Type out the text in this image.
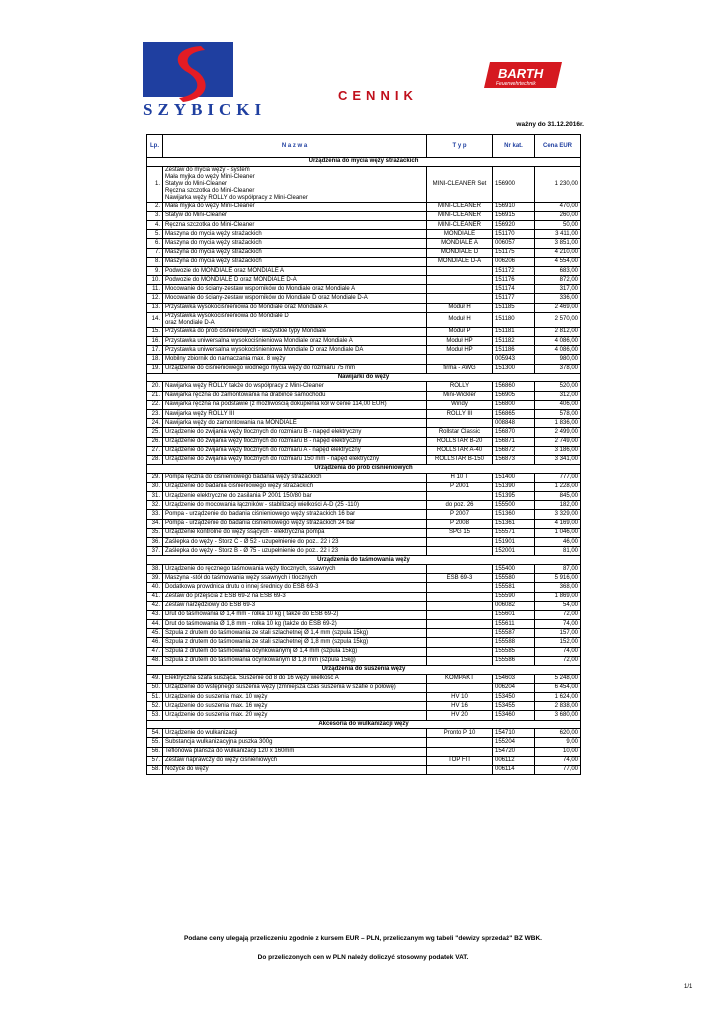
SZYBICKI
BARTH
Feuerwehrtechnik
CENNIK
ważny do 31.12.2016r.
Lp.	N a z w a	T y p	Nr kat.	Cena EUR
Urządzenia do mycia węży strażackich				
1.	Zestaw do mycia węży - system
Mała myjka do węży Mini-Cleaner
Statyw do Mini-Cleaner
Ręczna szczotka do Mini-Cleaner
Nawijarka węży ROLLY do współpracy z Mini-Cleaner	MINI-CLEANER Set	156900	1 230,00
2.	Mała myjka do węży Mini-Cleaner	MINI-CLEANER	156910	470,00
3.	Statyw do Mini-Cleaner	MINI-CLEANER	156915	260,00
4.	Ręczna szczotka do Mini-Cleaner	MINI-CLEANER	156920	50,00
5.	Maszyna do mycia węży strażackich	MONDIALE	151170	3 411,00
6.	Maszyna do mycia węży strażackich	MONDIALE A	006057	3 851,00
7.	Maszyna do mycia węży strażackich	MONDIALE D	151175	4 210,00
8.	Maszyna do mycia węży strażackich	MONDIALE D-A	006206	4 554,00
9.	Podwozie do MONDIALE oraz MONDIALE A		151172	683,00
10.	Podwozie do MONDIALE D oraz MONDIALE D-A		151176	872,00
11.	Mocowanie do ściany-zestaw wsporników do Mondiale oraz Mondiale A		151174	317,00
12.	Mocowanie do ściany-zestaw wsporników do Mondiale D oraz Mondiale D-A		151177	336,00
13.	Przystawka wysokociśnieniowa do Mondiale oraz Mondiale A	Moduł H	151185	2 469,00
14.	Przystawka wysokociśnieniowa do Mondiale D
oraz Mondiale D-A	Moduł H	151180	2 570,00
15.	Przystawka do prób ciśnieniowych - wszystkie typy Mondiale	Moduł P	151181	2 812,00
16.	Przystawka uniwersalna wysokociśnieniowa Mondiale oraz Mondiale A	Moduł HP	151182	4 086,00
17.	Przystawka uniwersalna wysokociśnieniowa Mondiale D oraz Mondiale DA	Moduł HP	151186	4 086,00
18.	Mobilny zbiornik do namaczania max. 8 węży		005943	980,00
19.	Urządzenie do ciśnieniowego wodnego mycia węży do rozmiaru 75 mm	firma - AWG	151300	378,00
Nawijarki do węży				
20.	Nawijarka węży ROLLY także do współpracy z Mini-Cleaner	ROLLY	156860	520,00
21.	Nawijarka ręczna do zamontowania na drabince samochodu	Mini-Wickler	156905	312,00
22.	Nawijarka ręczna na podstawie (z możliwością dokupienia kół w cenie 114,00 EUR)	Windy	156800	406,00
23.	Nawijarka węży ROLLY III	ROLLY III	156865	578,00
24.	Nawijarka węży do zamontowania na MONDIALE		008848	1 836,00
25.	Urządzenie do zwijania węży tłocznych do rozmiaru B - napęd elektryczny	Rollstar Classic	156870	2 499,00
26.	Urządzenie do zwijania węży tłocznych do rozmiaru B - napęd elektryczny	ROLLSTAR B-20	156871	2 749,00
27.	Urządzenie do zwijania węży tłocznych do rozmiaru A - napęd elektryczny	ROLLSTAR A-40	156872	3 186,00
28.	Urządzenie do zwijania węży tłocznych do rozmiaru 150 mm - napęd elektryczny	ROLLSTAR B-150	156873	3 341,00
Urządzenia do prób ciśnieniowych				
29.	Pompa ręczna do ciśnieniowego badania węży strażackich	H 10 T	151400	777,00
30.	Urządzenie do badania ciśnieniowego węży strażackich	P 2001	151390	1 228,00
31.	Urządzenie elektryczne do zasilania P 2001 150/80 bar		151395	845,00
32.	Urządzenie do mocowania łączników - stabilizacji wielkości A-D (25 -110)	do poz. 26	155500	182,00
33.	Pompa - urządzenie do badania ciśnieniowego węży strażackich 16 bar	P 2007	151360	3 329,00
34.	Pompa - urządzenie do badania ciśnieniowego węży strażackich 24 bar	P 2008	151361	4 169,00
35.	Urządzenie kontrolne do węży ssących - elektryczna pompa	SPG 15	155571	1 046,00
36.	Zaślepka do węży - Storz C - Ø 52 - uzupełnienie do poz.. 22 i 23		151901	46,00
37.	Zaślepka do węży - Storz B - Ø 75 - uzupełnienie do poz.. 22 i 23		152001	81,00
Urządzenia do taśmowania węży				
38.	Urządzenie do ręcznego taśmowania węży tłocznych, ssawnych		155400	87,00
39.	Maszyna -stół do taśmowania węży ssawnych i tłocznych	ESB 69-3	155580	5 916,00
40.	Dodatkowa prowdnica drutu o innej średnicy do ESB 69-3		155581	368,00
41.	Zestaw do przejścia z ESB 69-2 na ESB 69-3		155590	1 869,00
42.	Zestaw narzędziowy do ESB 69-3		006082	54,00
43.	Drut do taśmowania Ø 1,4 mm - rolka 10 kg ( także do ESB 69-2)		155601	72,00
44.	Drut do taśmowania Ø 1,8 mm - rolka 10 kg (także do ESB 69-2)		155611	74,00
45.	Szpula z drutem do taśmowania ze stali szlachetnej Ø 1,4 mm (szpula 15kg)		155587	157,00
46.	Szpula z drutem do taśmowania ze stali szlachetnej Ø 1,8 mm (szpula 15kg)		155588	152,00
47.	Szpula z drutem do taśmowania ocynkowanymj Ø 1,4 mm (szpula 15kg)		155585	74,00
48.	Szpula z drutem do taśmowania ocynkowanym Ø 1,8 mm (szpula 15kg)		155586	72,00
Urządzenia do suszenia węży				
49.	Elektryczna szafa susząca. Suszenie od 8 do 16 węży wielkość A	KOMPAKT	154603	5 248,00
50.	Urządzenie do wstępnego suszenia węży (zmniejsza czas suszenia w szafie o połowę)		006204	6 454,00
51.	Urządzenie do suszenia max. 10 węży	HV 10	153450	1 624,00
52.	Urządzenie do suszenia max. 16 węży	HV 16	153455	2 838,00
53.	Urządzenie do suszenia max. 20 węży	HV 20	153460	3 680,00
Akcesoria do wulkanizacji węży				
54.	Urządzenie do wulkanizacji	Pronto P 10	154710	620,00
55.	Substancja wulkanizacyjna puszka 300g		155204	9,00
56.	Teflonowa plansza do wulkanizacji 120 x 160mm		154720	10,00
57.	Zestaw naprawczy do węży ciśnieniowych	TOP FIT	006112	74,00
58.	Nożyce do węży		006114	77,00
Podane ceny ulegają przeliczeniu zgodnie z kursem EUR – PLN, przeliczanym wg tabeli "dewizy sprzedaż" BZ WBK.
Do przeliczonych cen w PLN należy doliczyć stosowny podatek VAT.
1/1
